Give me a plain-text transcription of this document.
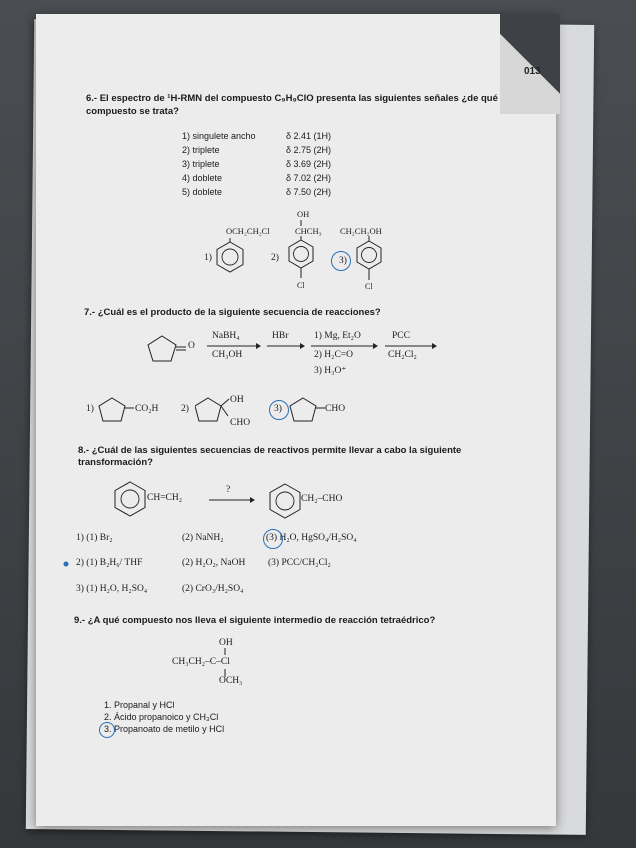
013
6.- El espectro de ¹H-RMN del compuesto C₉H₉ClO presenta las siguientes señales ¿de qué
compuesto se trata?
1) singulete ancho	δ 2.41 (1H)
2) triplete	δ 2.75 (2H)
3) triplete	δ 3.69 (2H)
4) doblete	δ 7.02 (2H)
5) doblete	δ 7.50 (2H)
1)
OCH₂CH₂Cl
2)
OH
CHCH₃
Cl
3)
CH₂CH₂OH
Cl
7.- ¿Cuál es el producto de la siguiente secuencia de reacciones?
O
NaBH₄
CH₃OH
HBr	1) Mg, Et₂O
2) H₂C=O
3) H₃O⁺
PCC
CH₂Cl₂
1)	CO₂H 2)
OH
CHO
3)	CHO
8.- ¿Cuál de las siguientes secuencias de reactivos permite llevar a cabo la siguiente
transformación?
CH=CH₂
?
CH₂–CHO
1) (1) Br₂	(2) NaNH₂	(3) H₂O, HgSO₄/H₂SO₄
2) (1) B₂H₆/ THF	(2) H₂O₂, NaOH (3) PCC/CH₂Cl₂
3) (1) H₂O, H₂SO₄	(2) CrO₃/H₂SO₄
9.- ¿A qué compuesto nos lleva el siguiente intermedio de reacción tetraédrico?
OH
CH₃CH₂–C–Cl
OCH₃
1. Propanal y HCl
2. Ácido propanoico y CH₃Cl
3. Propanoato de metilo y HCl
